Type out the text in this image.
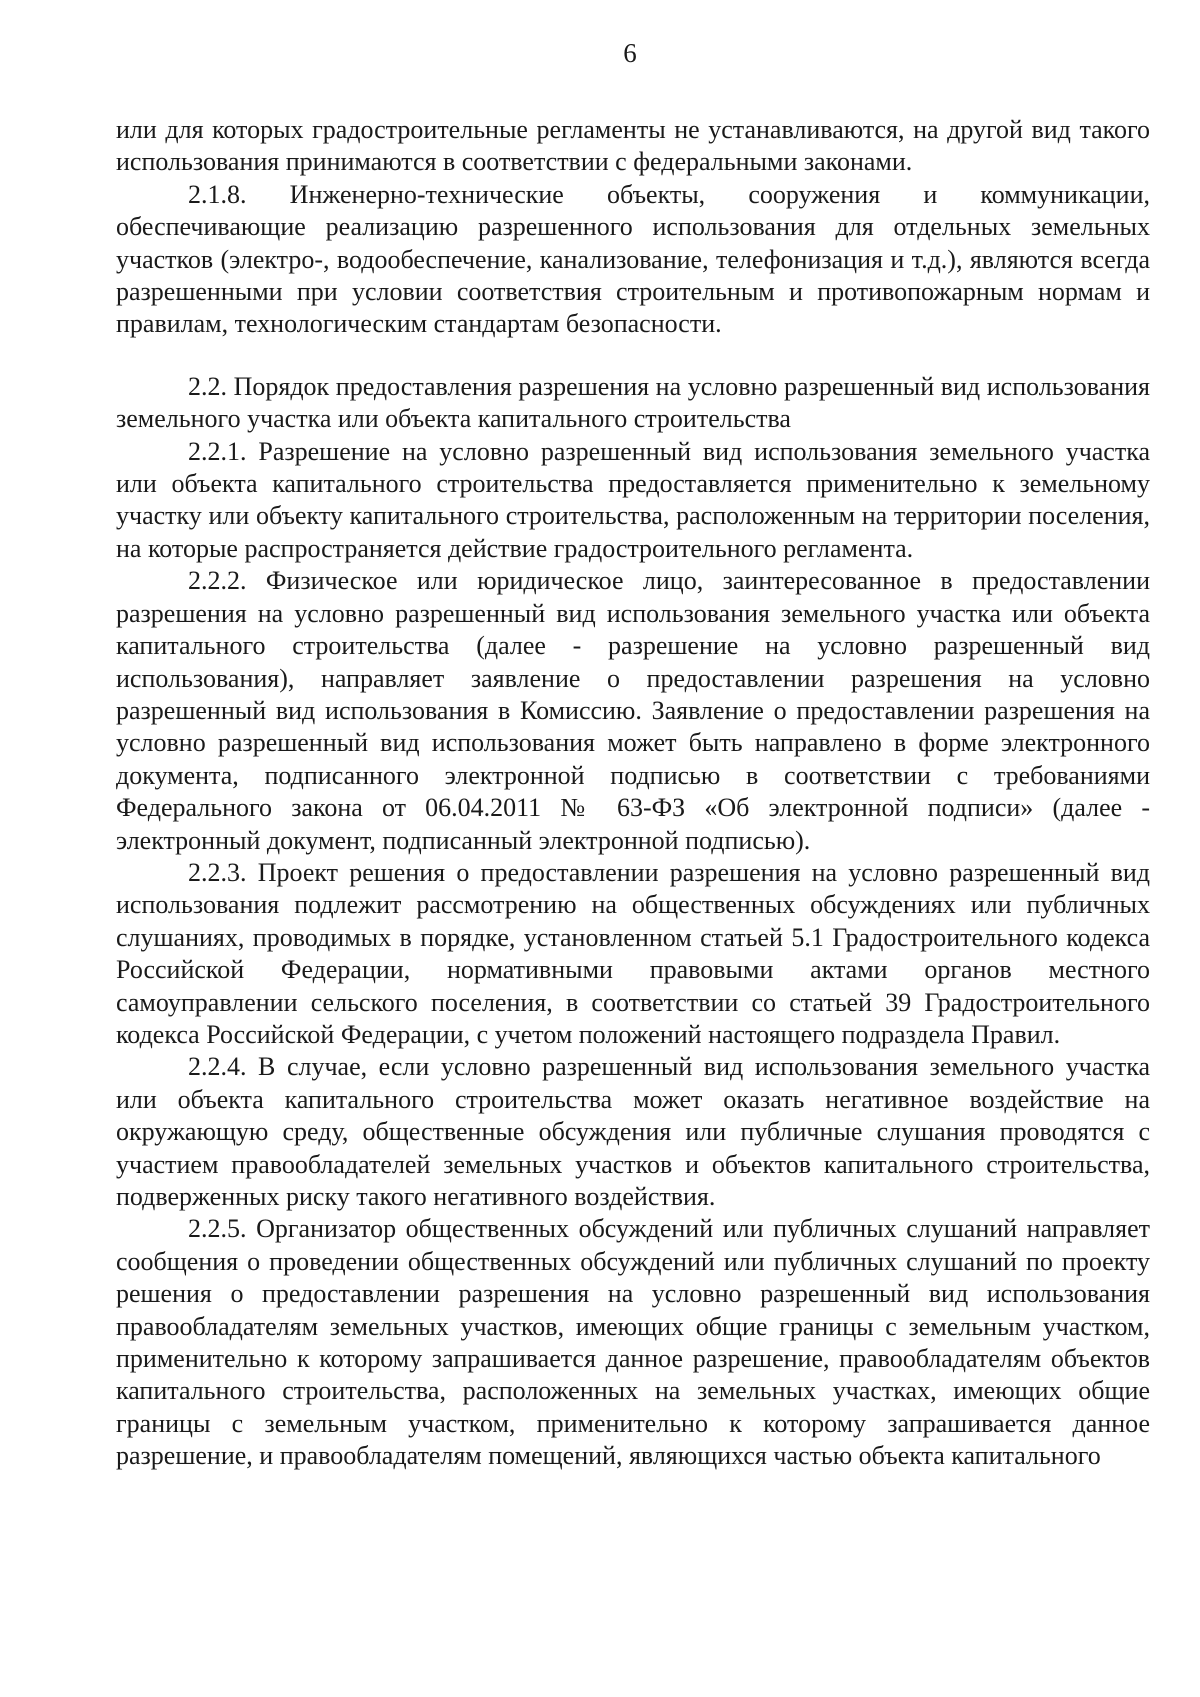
6

или для которых градостроительные регламенты не устанавливаются, на другой вид такого использования принимаются в соответствии с федеральными законами.

2.1.8. Инженерно-технические объекты, сооружения и коммуникации, обеспечивающие реализацию разрешенного использования для отдельных земельных участков (электро-, водообеспечение, канализование, телефонизация и т.д.), являются всегда разрешенными при условии соответствия строительным и противопожарным нормам и правилам, технологическим стандартам безопасности.

2.2. Порядок предоставления разрешения на условно разрешенный вид использования земельного участка или объекта капитального строительства

2.2.1. Разрешение на условно разрешенный вид использования земельного участка или объекта капитального строительства предоставляется применительно к земельному участку или объекту капитального строительства, расположенным на территории поселения, на которые распространяется действие градостроительного регламента.

2.2.2. Физическое или юридическое лицо, заинтересованное в предоставлении разрешения на условно разрешенный вид использования земельного участка или объекта капитального строительства (далее - разрешение на условно разрешенный вид использования), направляет заявление о предоставлении разрешения на условно разрешенный вид использования в Комиссию. Заявление о предоставлении разрешения на условно разрешенный вид использования может быть направлено в форме электронного документа, подписанного электронной подписью в соответствии с требованиями Федерального закона от 06.04.2011 № 63-ФЗ «Об электронной подписи» (далее - электронный документ, подписанный электронной подписью).

2.2.3. Проект решения о предоставлении разрешения на условно разрешенный вид использования подлежит рассмотрению на общественных обсуждениях или публичных слушаниях, проводимых в порядке, установленном статьей 5.1 Градостроительного кодекса Российской Федерации, нормативными правовыми актами органов местного самоуправлении сельского поселения, в соответствии со статьей 39 Градостроительного кодекса Российской Федерации, с учетом положений настоящего подраздела Правил.

2.2.4. В случае, если условно разрешенный вид использования земельного участка или объекта капитального строительства может оказать негативное воздействие на окружающую среду, общественные обсуждения или публичные слушания проводятся с участием правообладателей земельных участков и объектов капитального строительства, подверженных риску такого негативного воздействия.

2.2.5. Организатор общественных обсуждений или публичных слушаний направляет сообщения о проведении общественных обсуждений или публичных слушаний по проекту решения о предоставлении разрешения на условно разрешенный вид использования правообладателям земельных участков, имеющих общие границы с земельным участком, применительно к которому запрашивается данное разрешение, правообладателям объектов капитального строительства, расположенных на земельных участках, имеющих общие границы с земельным участком, применительно к которому запрашивается данное разрешение, и правообладателям помещений, являющихся частью объекта капитального
